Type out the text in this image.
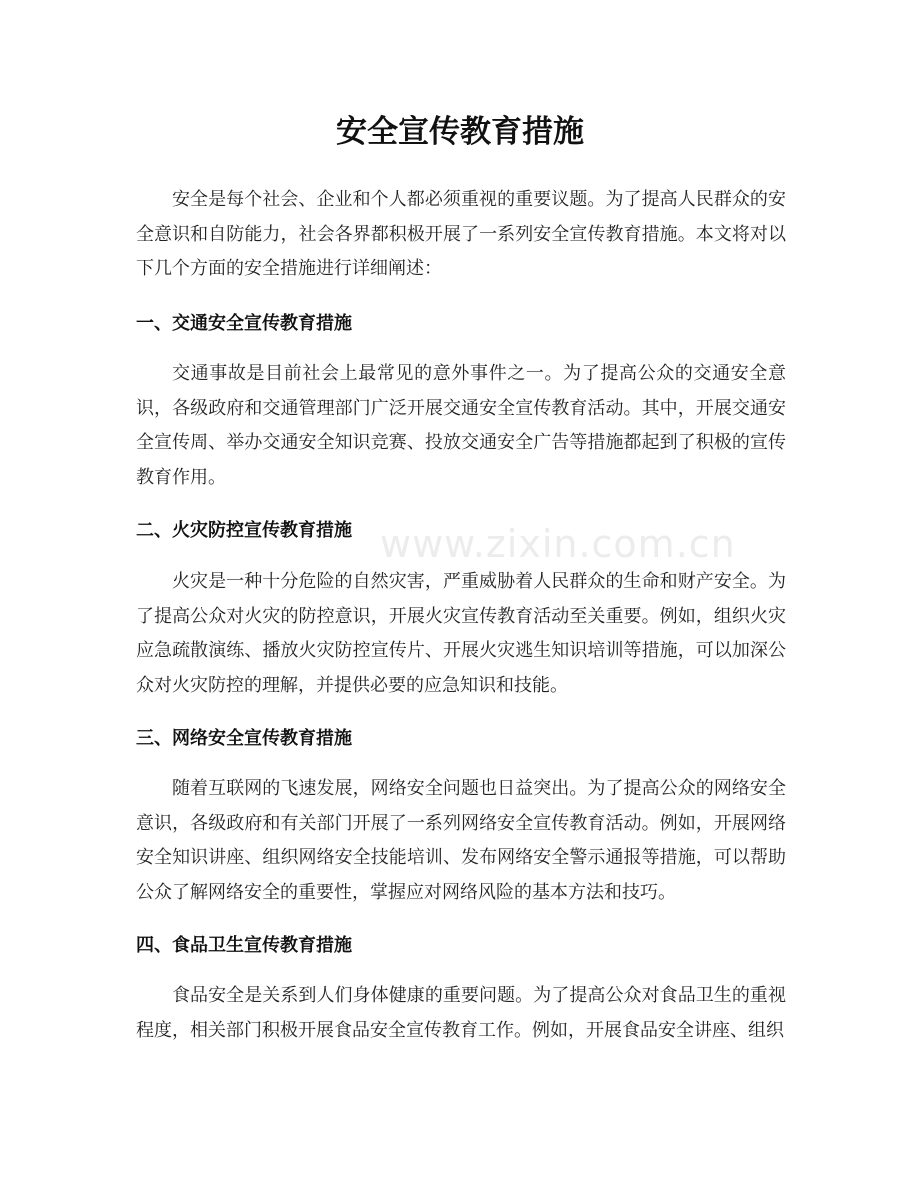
www.zixin.com.cn
安全宣传教育措施

安全是每个社会、企业和个人都必须重视的重要议题。为了提高人民群众的安全意识和自防能力，社会各界都积极开展了一系列安全宣传教育措施。本文将对以下几个方面的安全措施进行详细阐述：

一、交通安全宣传教育措施

交通事故是目前社会上最常见的意外事件之一。为了提高公众的交通安全意识，各级政府和交通管理部门广泛开展交通安全宣传教育活动。其中，开展交通安全宣传周、举办交通安全知识竞赛、投放交通安全广告等措施都起到了积极的宣传教育作用。

二、火灾防控宣传教育措施

火灾是一种十分危险的自然灾害，严重威胁着人民群众的生命和财产安全。为了提高公众对火灾的防控意识，开展火灾宣传教育活动至关重要。例如，组织火灾应急疏散演练、播放火灾防控宣传片、开展火灾逃生知识培训等措施，可以加深公众对火灾防控的理解，并提供必要的应急知识和技能。

三、网络安全宣传教育措施

随着互联网的飞速发展，网络安全问题也日益突出。为了提高公众的网络安全意识，各级政府和有关部门开展了一系列网络安全宣传教育活动。例如，开展网络安全知识讲座、组织网络安全技能培训、发布网络安全警示通报等措施，可以帮助公众了解网络安全的重要性，掌握应对网络风险的基本方法和技巧。

四、食品卫生宣传教育措施

食品安全是关系到人们身体健康的重要问题。为了提高公众对食品卫生的重视程度，相关部门积极开展食品安全宣传教育工作。例如，开展食品安全讲座、组织
